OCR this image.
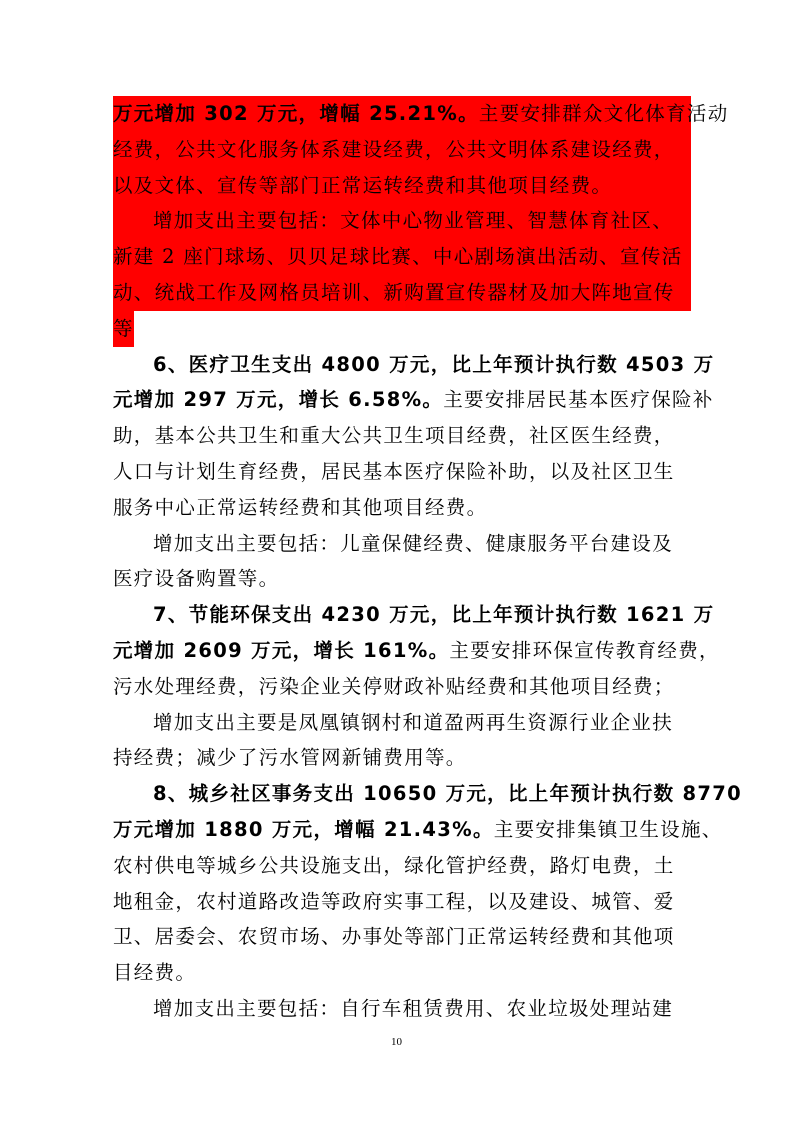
万元增加 302 万元，增幅 25.21%。主要安排群众文化体育活动
经费，公共文化服务体系建设经费，公共文明体系建设经费，
以及文体、宣传等部门正常运转经费和其他项目经费。
增加支出主要包括：文体中心物业管理、智慧体育社区、
新建 2 座门球场、贝贝足球比赛、中心剧场演出活动、宣传活
动、统战工作及网格员培训、新购置宣传器材及加大阵地宣传
等
6、医疗卫生支出 4800 万元，比上年预计执行数 4503 万
元增加 297 万元，增长 6.58%。主要安排居民基本医疗保险补
助，基本公共卫生和重大公共卫生项目经费，社区医生经费，
人口与计划生育经费，居民基本医疗保险补助，以及社区卫生
服务中心正常运转经费和其他项目经费。
增加支出主要包括：儿童保健经费、健康服务平台建设及
医疗设备购置等。
7、节能环保支出 4230 万元，比上年预计执行数 1621 万
元增加 2609 万元，增长 161%。主要安排环保宣传教育经费，
污水处理经费，污染企业关停财政补贴经费和其他项目经费；
增加支出主要是凤凰镇钢村和道盈两再生资源行业企业扶
持经费；减少了污水管网新铺费用等。
8、城乡社区事务支出 10650 万元，比上年预计执行数 8770
万元增加 1880 万元，增幅 21.43%。主要安排集镇卫生设施、
农村供电等城乡公共设施支出，绿化管护经费，路灯电费，土
地租金，农村道路改造等政府实事工程，以及建设、城管、爱
卫、居委会、农贸市场、办事处等部门正常运转经费和其他项
目经费。
增加支出主要包括：自行车租赁费用、农业垃圾处理站建
10
